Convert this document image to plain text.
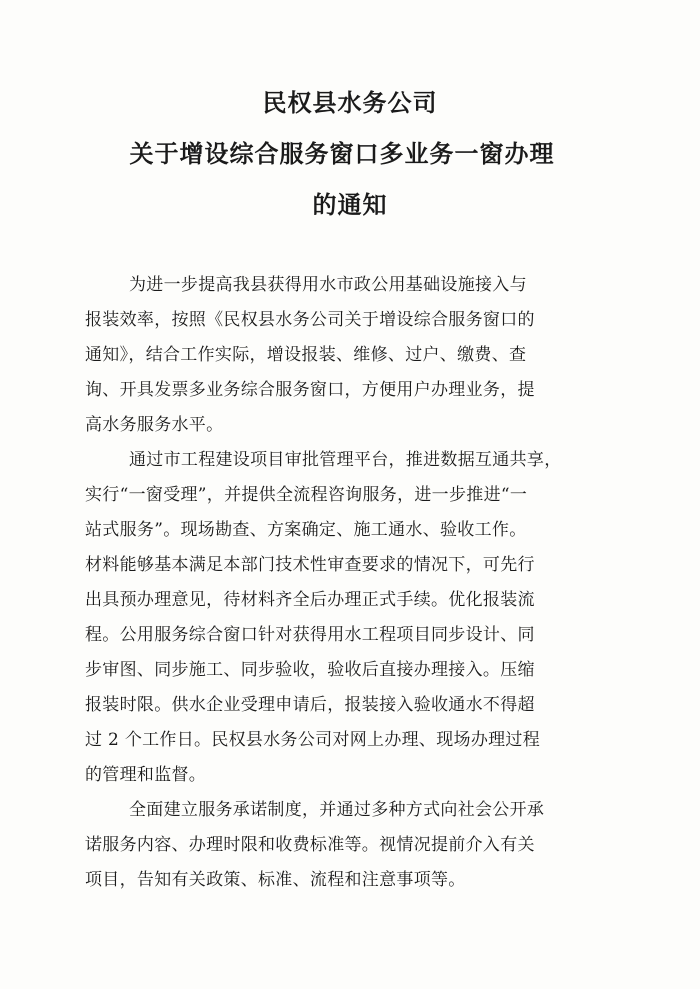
民权县水务公司
关于增设综合服务窗口多业务一窗办理
的通知
为进一步提高我县获得用水市政公用基础设施接入与
报装效率，按照《民权县水务公司关于增设综合服务窗口的
通知》，结合工作实际，增设报装、维修、过户、缴费、查
询、开具发票多业务综合服务窗口，方便用户办理业务，提
高水务服务水平。
通过市工程建设项目审批管理平台，推进数据互通共享，
实行“一窗受理”，并提供全流程咨询服务，进一步推进“一
站式服务”。现场勘查、方案确定、施工通水、验收工作。
材料能够基本满足本部门技术性审查要求的情况下，可先行
出具预办理意见，待材料齐全后办理正式手续。优化报装流
程。公用服务综合窗口针对获得用水工程项目同步设计、同
步审图、同步施工、同步验收，验收后直接办理接入。压缩
报装时限。供水企业受理申请后，报装接入验收通水不得超
过 2 个工作日。民权县水务公司对网上办理、现场办理过程
的管理和监督。
全面建立服务承诺制度，并通过多种方式向社会公开承
诺服务内容、办理时限和收费标准等。视情况提前介入有关
项目，告知有关政策、标准、流程和注意事项等。
